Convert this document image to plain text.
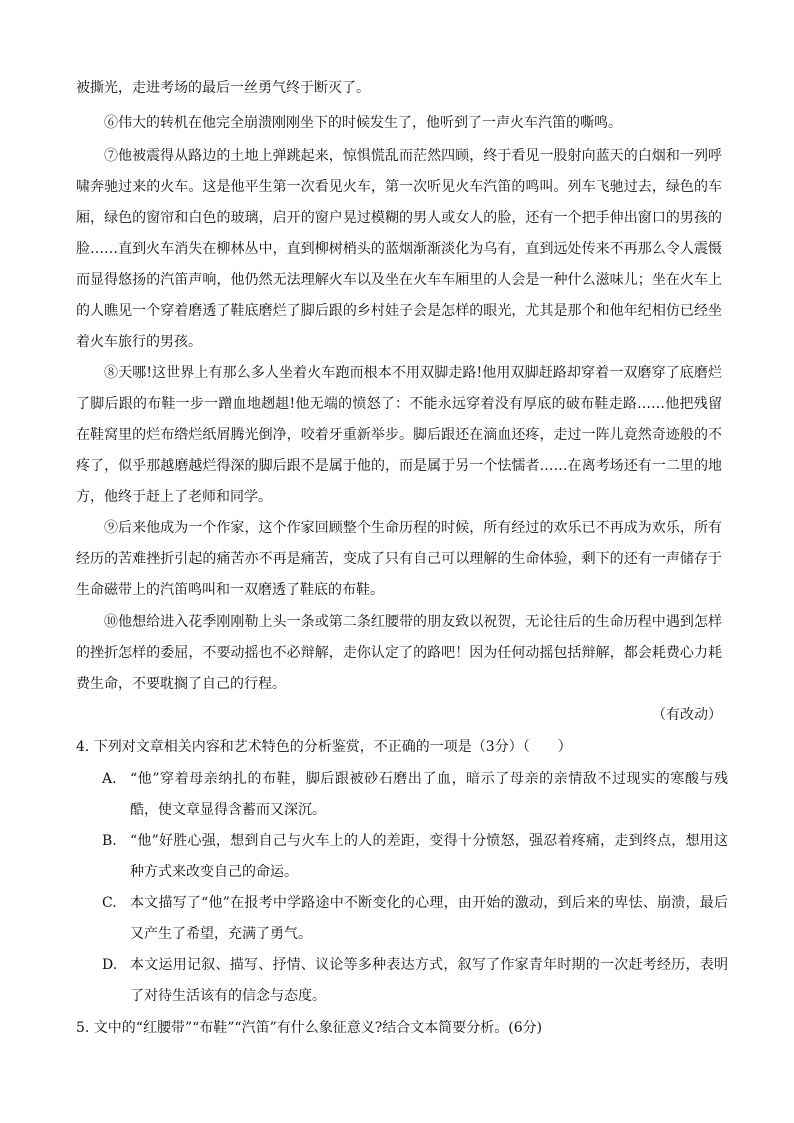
被撕光，走进考场的最后一丝勇气终于断灭了。

⑥伟大的转机在他完全崩溃刚刚坐下的时候发生了，他听到了一声火车汽笛的嘶鸣。

⑦他被震得从路边的土地上弹跳起来，惊惧慌乱而茫然四顾，终于看见一股射向蓝天的白烟和一列呼啸奔驰过来的火车。这是他平生第一次看见火车，第一次听见火车汽笛的鸣叫。列车飞驰过去，绿色的车厢，绿色的窗帘和白色的玻璃，启开的窗户晃过模糊的男人或女人的脸，还有一个把手伸出窗口的男孩的脸……直到火车消失在柳林丛中，直到柳树梢头的蓝烟渐渐淡化为乌有，直到远处传来不再那么令人震慑而显得悠扬的汽笛声响，他仍然无法理解火车以及坐在火车车厢里的人会是一种什么滋味儿；坐在火车上的人瞧见一个穿着磨透了鞋底磨烂了脚后跟的乡村娃子会是怎样的眼光，尤其是那个和他年纪相仿已经坐着火车旅行的男孩。

⑧天哪!这世界上有那么多人坐着火车跑而根本不用双脚走路!他用双脚赶路却穿着一双磨穿了底磨烂了脚后跟的布鞋一步一蹭血地趔趄!他无端的愤怒了：不能永远穿着没有厚底的破布鞋走路……他把残留在鞋窝里的烂布绺烂纸屑腾光倒净，咬着牙重新举步。脚后跟还在滴血还疼，走过一阵儿竟然奇迹般的不疼了，似乎那越磨越烂得深的脚后跟不是属于他的，而是属于另一个怯懦者……在离考场还有一二里的地方，他终于赶上了老师和同学。

⑨后来他成为一个作家，这个作家回顾整个生命历程的时候，所有经过的欢乐已不再成为欢乐，所有经历的苦难挫折引起的痛苦亦不再是痛苦，变成了只有自己可以理解的生命体验，剩下的还有一声储存于生命磁带上的汽笛鸣叫和一双磨透了鞋底的布鞋。

⑩他想给进入花季刚刚勒上头一条或第二条红腰带的朋友致以祝贺，无论往后的生命历程中遇到怎样的挫折怎样的委屈，不要动摇也不必辩解，走你认定了的路吧！因为任何动摇包括辩解，都会耗费心力耗费生命，不要耽搁了自己的行程。

（有改动）

4. 下列对文章相关内容和艺术特色的分析鉴赏，不正确的一项是（3分）（　　）

A. “他”穿着母亲纳扎的布鞋，脚后跟被砂石磨出了血，暗示了母亲的亲情敌不过现实的寒酸与残酷，使文章显得含蓄而又深沉。
B. “他”好胜心强，想到自己与火车上的人的差距，变得十分愤怒，强忍着疼痛，走到终点，想用这种方式来改变自己的命运。
C. 本文描写了“他”在报考中学路途中不断变化的心理，由开始的激动，到后来的卑怯、崩溃，最后又产生了希望，充满了勇气。
D. 本文运用记叙、描写、抒情、议论等多种表达方式，叙写了作家青年时期的一次赶考经历，表明了对待生活该有的信念与态度。

5. 文中的“红腰带”“布鞋”“汽笛”有什么象征意义?结合文本简要分析。(6分)
